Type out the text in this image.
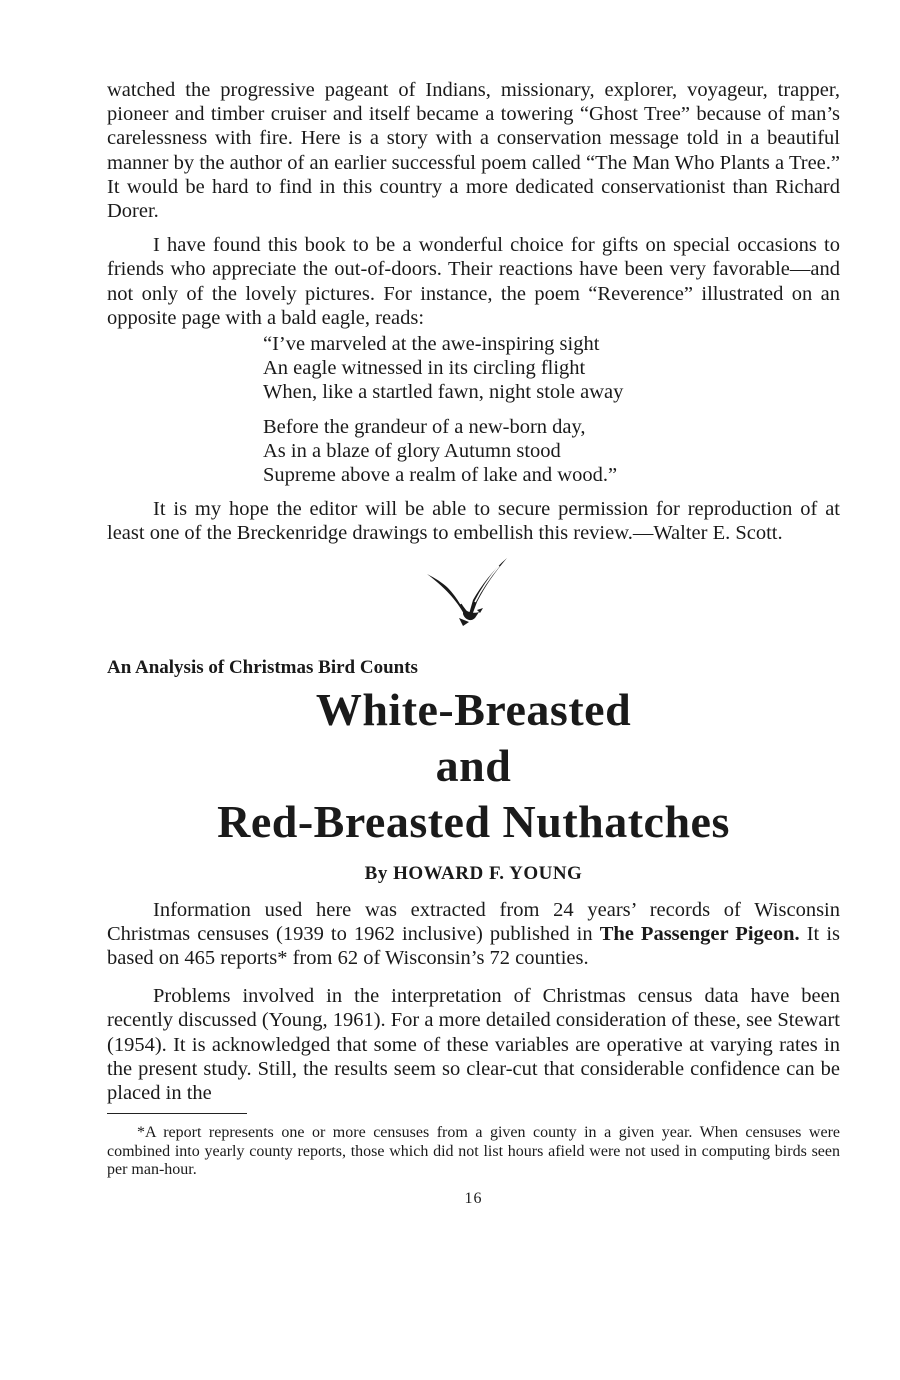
watched the progressive pageant of Indians, missionary, explorer, voyageur, trapper, pioneer and timber cruiser and itself became a towering “Ghost Tree” because of man’s carelessness with fire. Here is a story with a conservation message told in a beautiful manner by the author of an earlier successful poem called “The Man Who Plants a Tree.” It would be hard to find in this country a more dedicated conservationist than Richard Dorer.

I have found this book to be a wonderful choice for gifts on special occasions to friends who appreciate the out-of-doors. Their reactions have been very favorable—and not only of the lovely pictures. For instance, the poem “Reverence” illustrated on an opposite page with a bald eagle, reads:

“I’ve marveled at the awe-inspiring sight
An eagle witnessed in its circling flight
When, like a startled fawn, night stole away

Before the grandeur of a new-born day,
As in a blaze of glory Autumn stood
Supreme above a realm of lake and wood.”

It is my hope the editor will be able to secure permission for reproduction of at least one of the Breckenridge drawings to embellish this review.—Walter E. Scott.

An Analysis of Christmas Bird Counts

White-Breasted
and
Red-Breasted Nuthatches

By HOWARD F. YOUNG

Information used here was extracted from 24 years’ records of Wisconsin Christmas censuses (1939 to 1962 inclusive) published in The Passenger Pigeon. It is based on 465 reports* from 62 of Wisconsin’s 72 counties.

Problems involved in the interpretation of Christmas census data have been recently discussed (Young, 1961). For a more detailed consideration of these, see Stewart (1954). It is acknowledged that some of these variables are operative at varying rates in the present study. Still, the results seem so clear-cut that considerable confidence can be placed in the

*A report represents one or more censuses from a given county in a given year. When censuses were combined into yearly county reports, those which did not list hours afield were not used in computing birds seen per man-hour.

16
